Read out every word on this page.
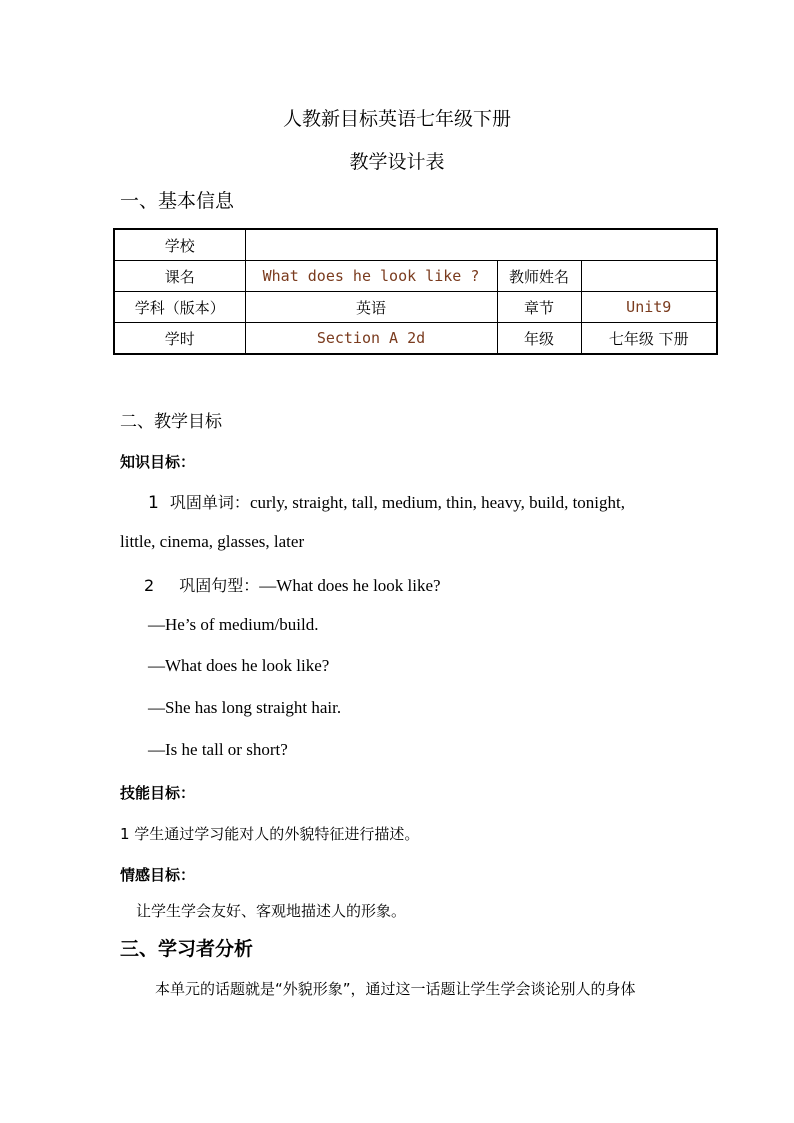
人教新目标英语七年级下册
教学设计表
一、基本信息
学校			
课名	What does he look like ?	教师姓名	
学科（版本）	英语	章节	Unit9
学时	Section A 2d	年级	七年级 下册
二、教学目标
知识目标：
1 巩固单词：curly, straight, tall, medium, thin, heavy, build, tonight,
little, cinema, glasses, later
2 巩固句型：—What does he look like?
—He’s of medium/build.
—What does he look like?
—She has long straight hair.
—Is he tall or short?
技能目标：
1 学生通过学习能对人的外貌特征进行描述。
情感目标：
让学生学会友好、客观地描述人的形象。
三、学习者分析
本单元的话题就是“外貌形象”，通过这一话题让学生学会谈论别人的身体
